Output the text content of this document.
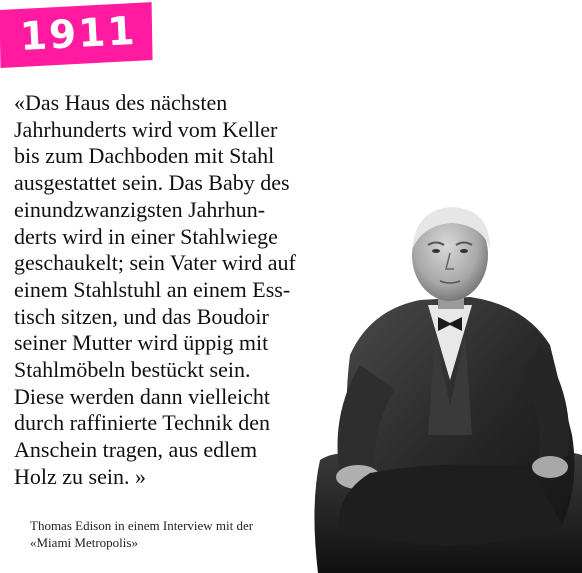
1911

«Das Haus des nächsten
Jahrhunderts wird vom Keller
bis zum Dachboden mit Stahl
ausgestattet sein. Das Baby des
einundzwanzigsten Jahrhun-
derts wird in einer Stahlwiege
geschaukelt; sein Vater wird auf
einem Stahlstuhl an einem Ess-
tisch sitzen, und das Boudoir
seiner Mutter wird üppig mit
Stahlmöbeln bestückt sein.
Diese werden dann vielleicht
durch raffinierte Technik den
Anschein tragen, aus edlem
Holz zu sein. »

Thomas Edison in einem Interview mit der
«Miami Metropolis»
